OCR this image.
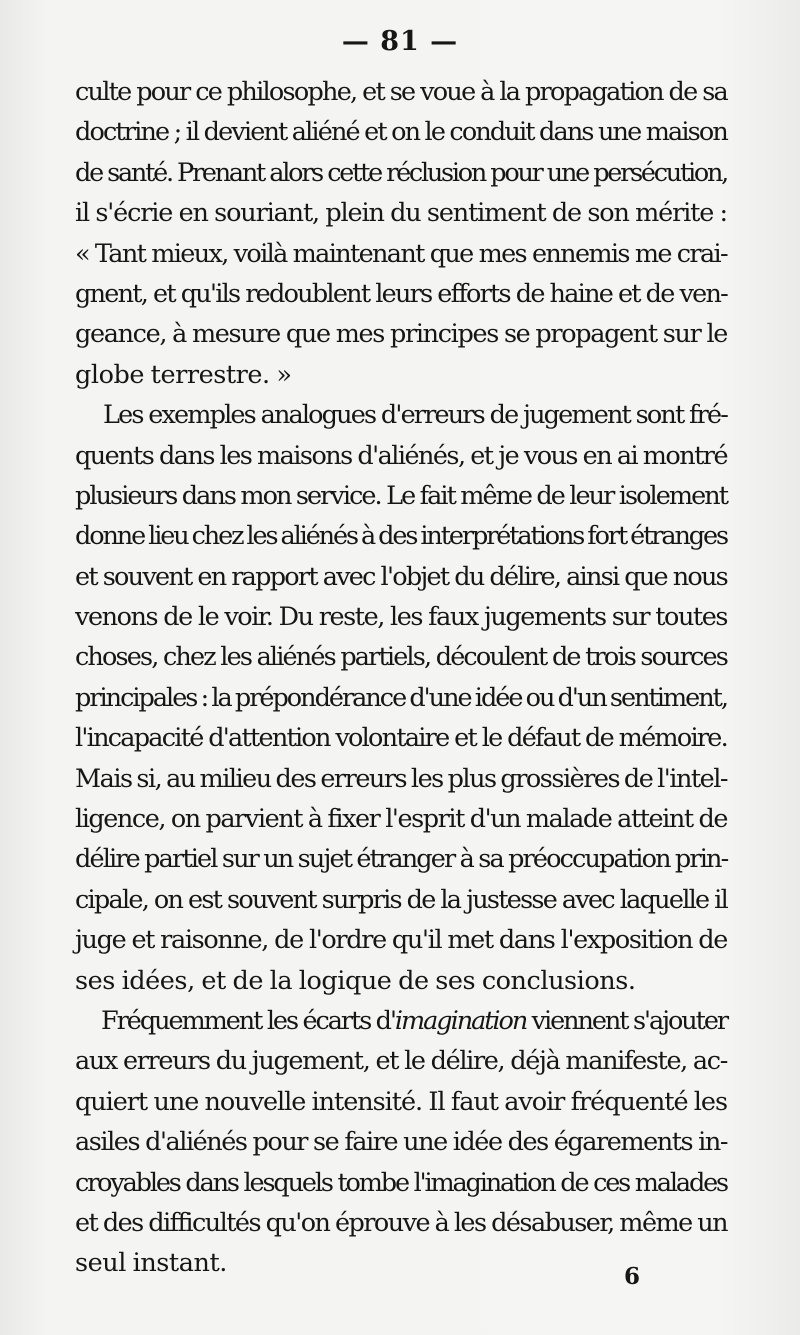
— 81 —
culte pour ce philosophe, et se voue à la propagation de sa
doctrine ; il devient aliéné et on le conduit dans une maison
de santé. Prenant alors cette réclusion pour une persécution,
il s'écrie en souriant, plein du sentiment de son mérite :
« Tant mieux, voilà maintenant que mes ennemis me crai-
gnent, et qu'ils redoublent leurs efforts de haine et de ven-
geance, à mesure que mes principes se propagent sur le
globe terrestre. »
Les exemples analogues d'erreurs de jugement sont fré-
quents dans les maisons d'aliénés, et je vous en ai montré
plusieurs dans mon service. Le fait même de leur isolement
donne lieu chez les aliénés à des interprétations fort étranges
et souvent en rapport avec l'objet du délire, ainsi que nous
venons de le voir. Du reste, les faux jugements sur toutes
choses, chez les aliénés partiels, découlent de trois sources
principales : la prépondérance d'une idée ou d'un sentiment,
l'incapacité d'attention volontaire et le défaut de mémoire.
Mais si, au milieu des erreurs les plus grossières de l'intel-
ligence, on parvient à fixer l'esprit d'un malade atteint de
délire partiel sur un sujet étranger à sa préoccupation prin-
cipale, on est souvent surpris de la justesse avec laquelle il
juge et raisonne, de l'ordre qu'il met dans l'exposition de
ses idées, et de la logique de ses conclusions.
Fréquemment les écarts d'imagination viennent s'ajouter
aux erreurs du jugement, et le délire, déjà manifeste, ac-
quiert une nouvelle intensité. Il faut avoir fréquenté les
asiles d'aliénés pour se faire une idée des égarements in-
croyables dans lesquels tombe l'imagination de ces malades
et des difficultés qu'on éprouve à les désabuser, même un
seul instant.	6
